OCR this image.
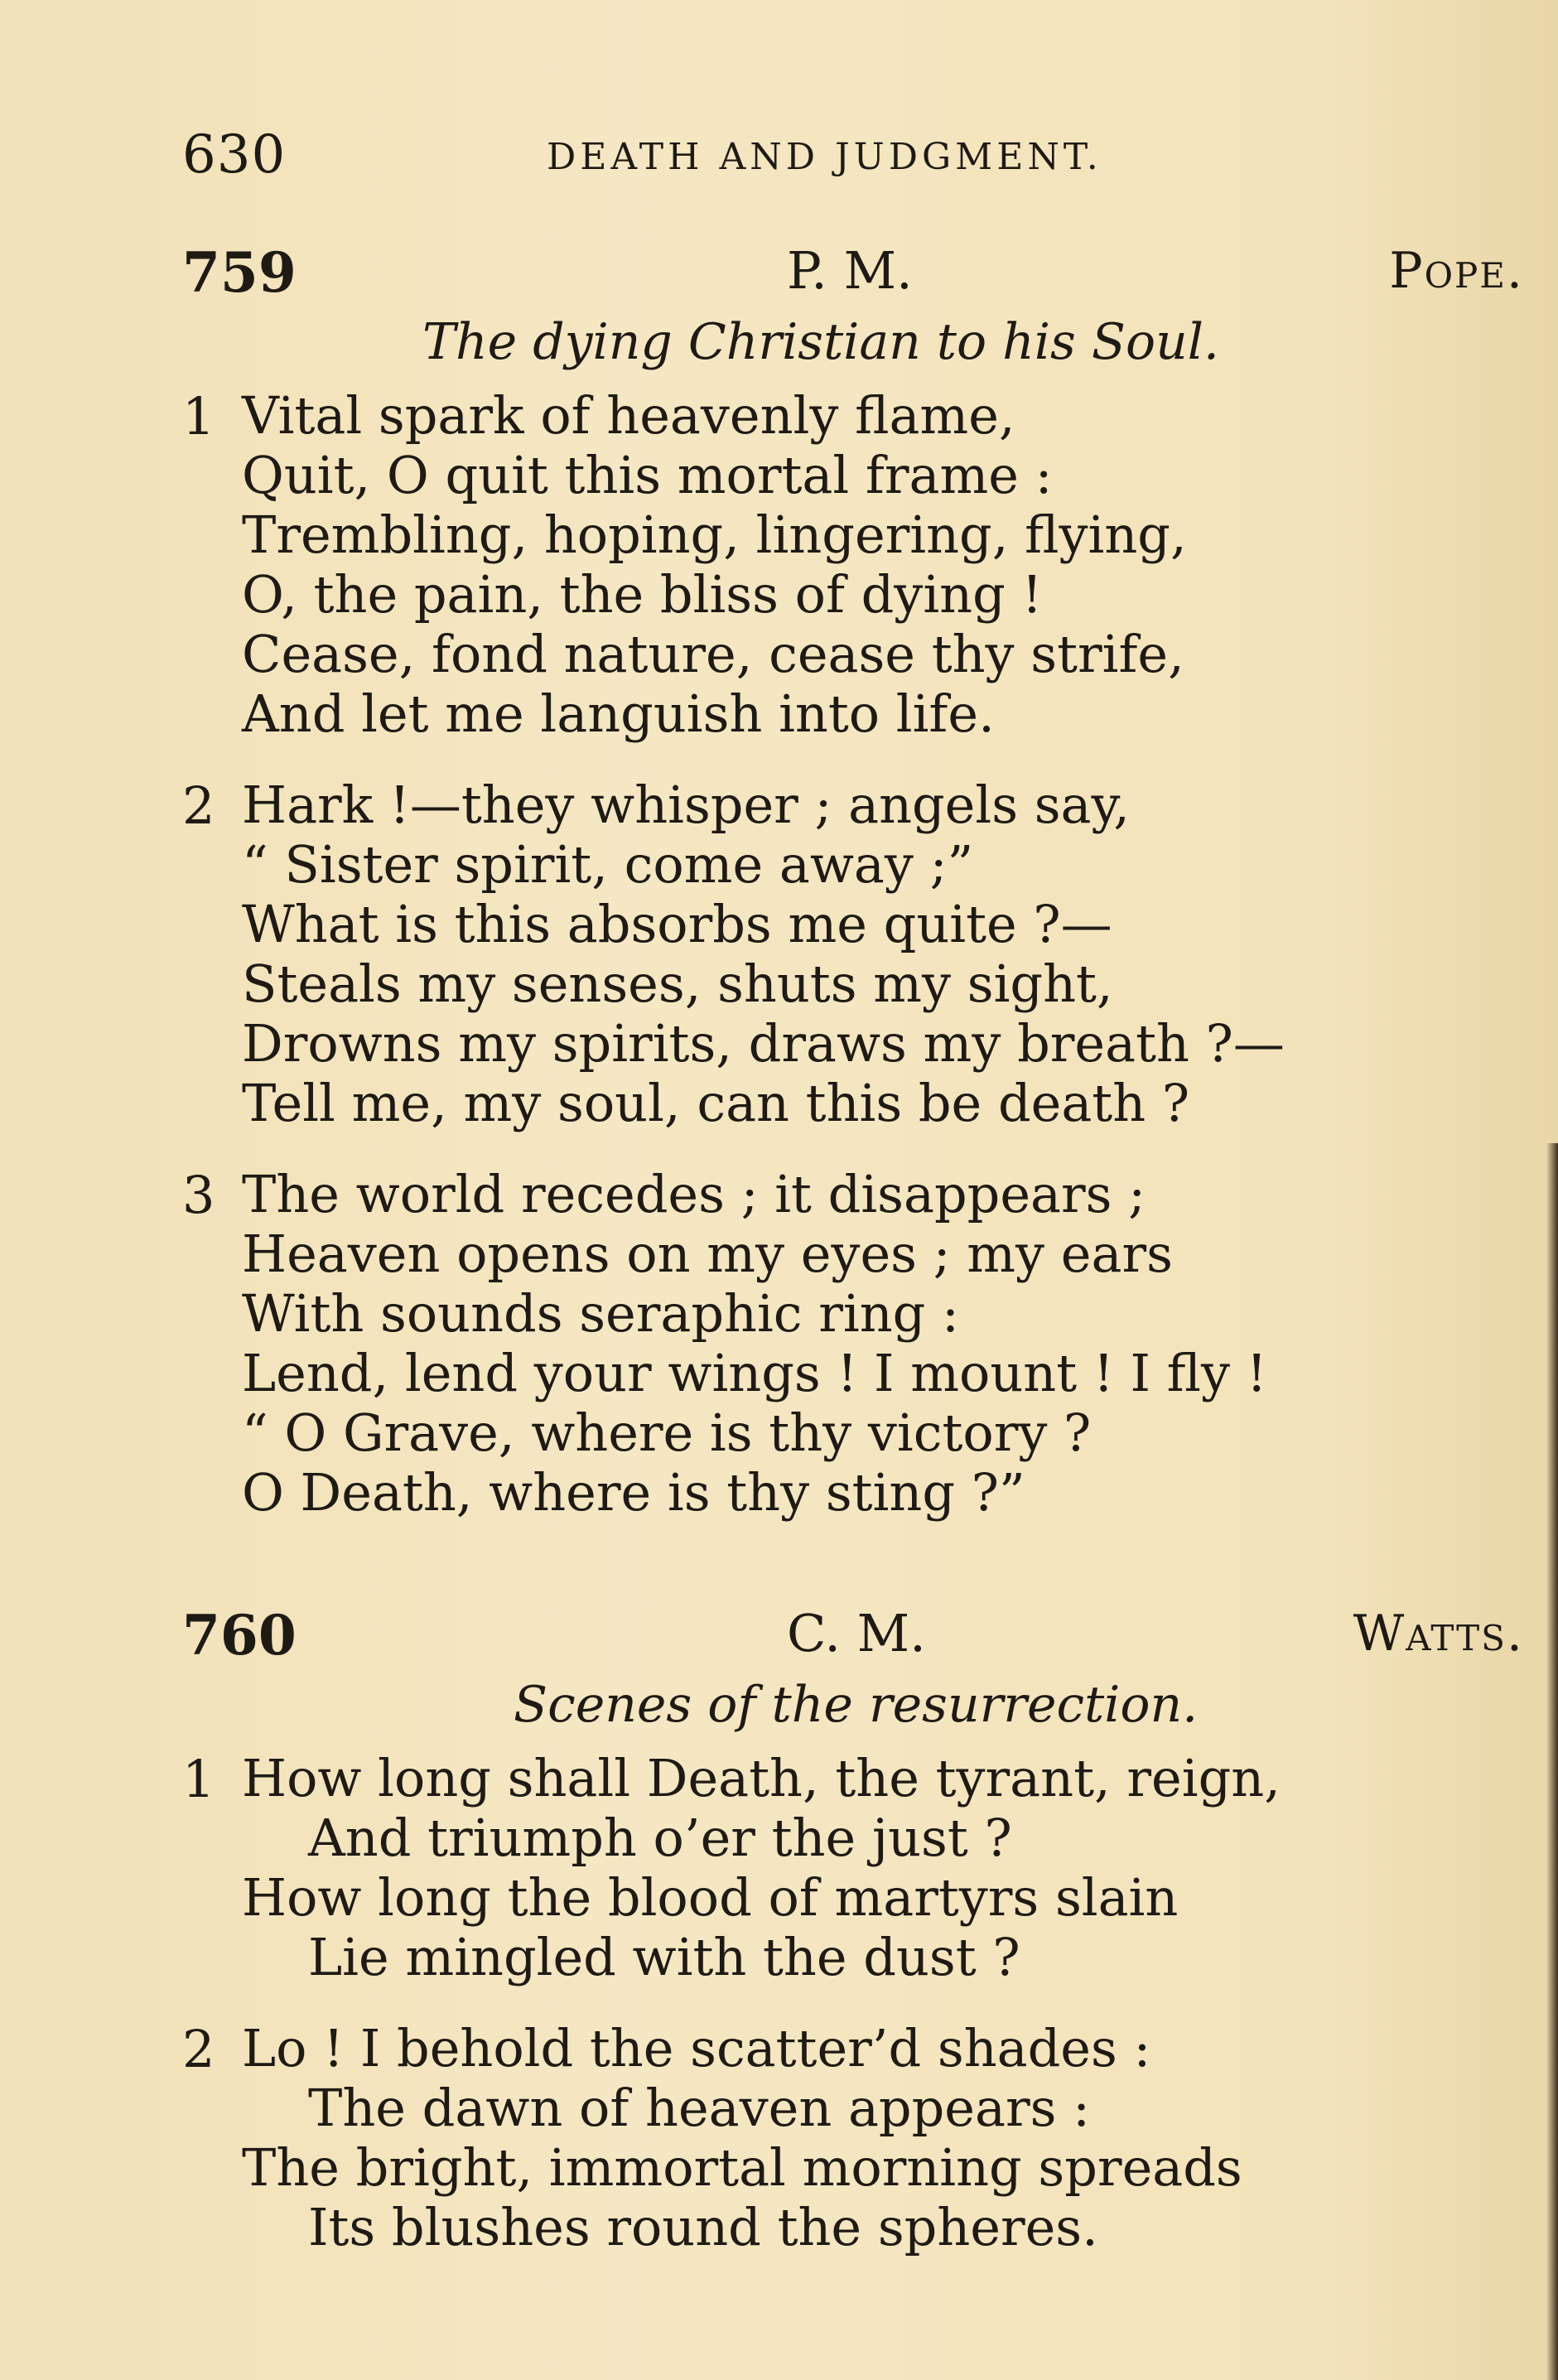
630	DEATH AND JUDGMENT.
759	P. M.	Pope.
The dying Christian to his Soul.
1 Vital spark of heavenly flame,
Quit, O quit this mortal frame :
Trembling, hoping, lingering, flying,
O, the pain, the bliss of dying !
Cease, fond nature, cease thy strife,
And let me languish into life.
2 Hark !—they whisper ; angels say,
“ Sister spirit, come away ;”
What is this absorbs me quite ?—
Steals my senses, shuts my sight,
Drowns my spirits, draws my breath ?—
Tell me, my soul, can this be death ?
3 The world recedes ; it disappears ;
Heaven opens on my eyes ; my ears
With sounds seraphic ring :
Lend, lend your wings ! I mount ! I fly !
“ O Grave, where is thy victory ?
O Death, where is thy sting ?”
760	C. M.	Watts.
Scenes of the resurrection.
1 How long shall Death, the tyrant, reign,
And triumph o’er the just ?
How long the blood of martyrs slain
Lie mingled with the dust ?
2 Lo ! I behold the scatter’d shades :
The dawn of heaven appears :
The bright, immortal morning spreads
Its blushes round the spheres.
